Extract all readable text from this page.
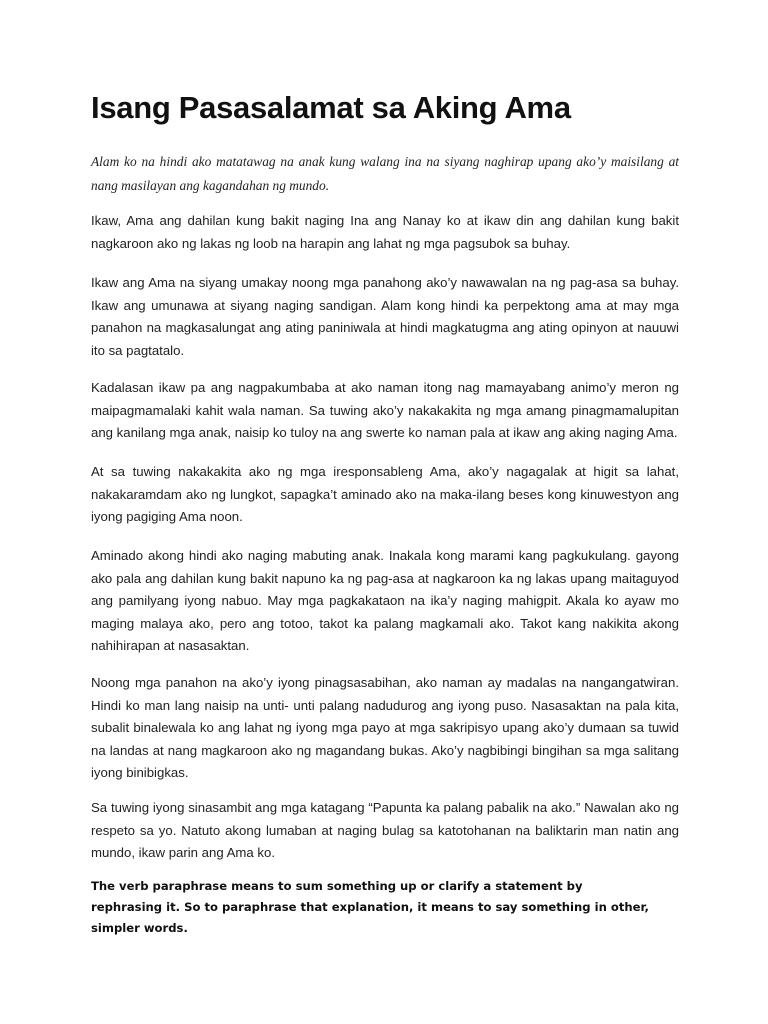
Isang Pasasalamat sa Aking Ama

Alam ko na hindi ako matatawag na anak kung walang ina na siyang naghirap upang ako’y maisilang at nang masilayan ang kagandahan ng mundo.

Ikaw, Ama ang dahilan kung bakit naging Ina ang Nanay ko at ikaw din ang dahilan kung bakit nagkaroon ako ng lakas ng loob na harapin ang lahat ng mga pagsubok sa buhay.

Ikaw ang Ama na siyang umakay noong mga panahong ako’y nawawalan na ng pag-asa sa buhay. Ikaw ang umunawa at siyang naging sandigan. Alam kong hindi ka perpektong ama at may mga panahon na magkasalungat ang ating paniniwala at hindi magkatugma ang ating opinyon at nauuwi ito sa pagtatalo.

Kadalasan ikaw pa ang nagpakumbaba at ako naman itong nag mamayabang animo’y meron ng maipagmamalaki kahit wala naman. Sa tuwing ako’y nakakakita ng mga amang pinagmamalupitan ang kanilang mga anak, naisip ko tuloy na ang swerte ko naman pala at ikaw ang aking naging Ama.

At sa tuwing nakakakita ako ng mga iresponsableng Ama, ako’y nagagalak at higit sa lahat, nakakaramdam ako ng lungkot, sapagka’t aminado ako na maka-ilang beses kong kinuwestyon ang iyong pagiging Ama noon.

Aminado akong hindi ako naging mabuting anak. Inakala kong marami kang pagkukulang. gayong ako pala ang dahilan kung bakit napuno ka ng pag-asa at nagkaroon ka ng lakas upang maitaguyod ang pamilyang iyong nabuo. May mga pagkakataon na ika’y naging mahigpit. Akala ko ayaw mo maging malaya ako, pero ang totoo, takot ka palang magkamali ako. Takot kang nakikita akong nahihirapan at nasasaktan.

Noong mga panahon na ako’y iyong pinagsasabihan, ako naman ay madalas na nangangatwiran. Hindi ko man lang naisip na unti- unti palang nadudurog ang iyong puso. Nasasaktan na pala kita, subalit binalewala ko ang lahat ng iyong mga payo at mga sakripisyo upang ako’y dumaan sa tuwid na landas at nang magkaroon ako ng magandang bukas. Ako’y nagbibingi bingihan sa mga salitang iyong binibigkas.

Sa tuwing iyong sinasambit ang mga katagang “Papunta ka palang pabalik na ako.” Nawalan ako ng respeto sa yo. Natuto akong lumaban at naging bulag sa katotohanan na baliktarin man natin ang mundo, ikaw parin ang Ama ko.

The verb paraphrase means to sum something up or clarify a statement by rephrasing it. So to paraphrase that explanation, it means to say something in other, simpler words.
